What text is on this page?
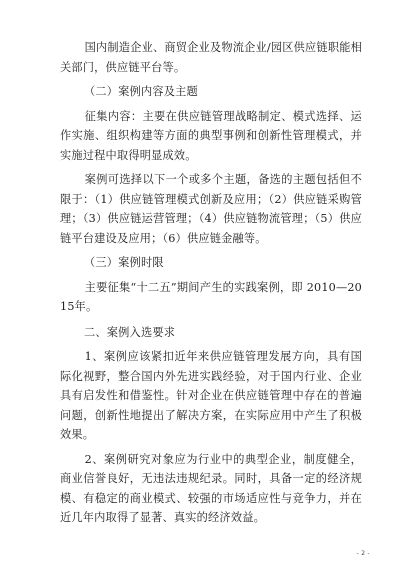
国内制造企业、商贸企业及物流企业/园区供应链职能相关部门，供应链平台等。

（二）案例内容及主题

征集内容：主要在供应链管理战略制定、模式选择、运作实施、组织构建等方面的典型事例和创新性管理模式，并实施过程中取得明显成效。

案例可选择以下一个或多个主题，备选的主题包括但不限于：（1）供应链管理模式创新及应用；（2）供应链采购管理；（3）供应链运营管理；（4）供应链物流管理；（5）供应链平台建设及应用；（6）供应链金融等。

（三）案例时限

主要征集“十二五”期间产生的实践案例，即 2010—2015年。

二、案例入选要求

1、案例应该紧扣近年来供应链管理发展方向，具有国际化视野，整合国内外先进实践经验，对于国内行业、企业具有启发性和借鉴性。针对企业在供应链管理中存在的普遍问题，创新性地提出了解决方案，在实际应用中产生了积极效果。

2、案例研究对象应为行业中的典型企业，制度健全，商业信誉良好，无违法违规纪录。同时，具备一定的经济规模、有稳定的商业模式、较强的市场适应性与竞争力，并在近几年内取得了显著、真实的经济效益。

- 2 -
